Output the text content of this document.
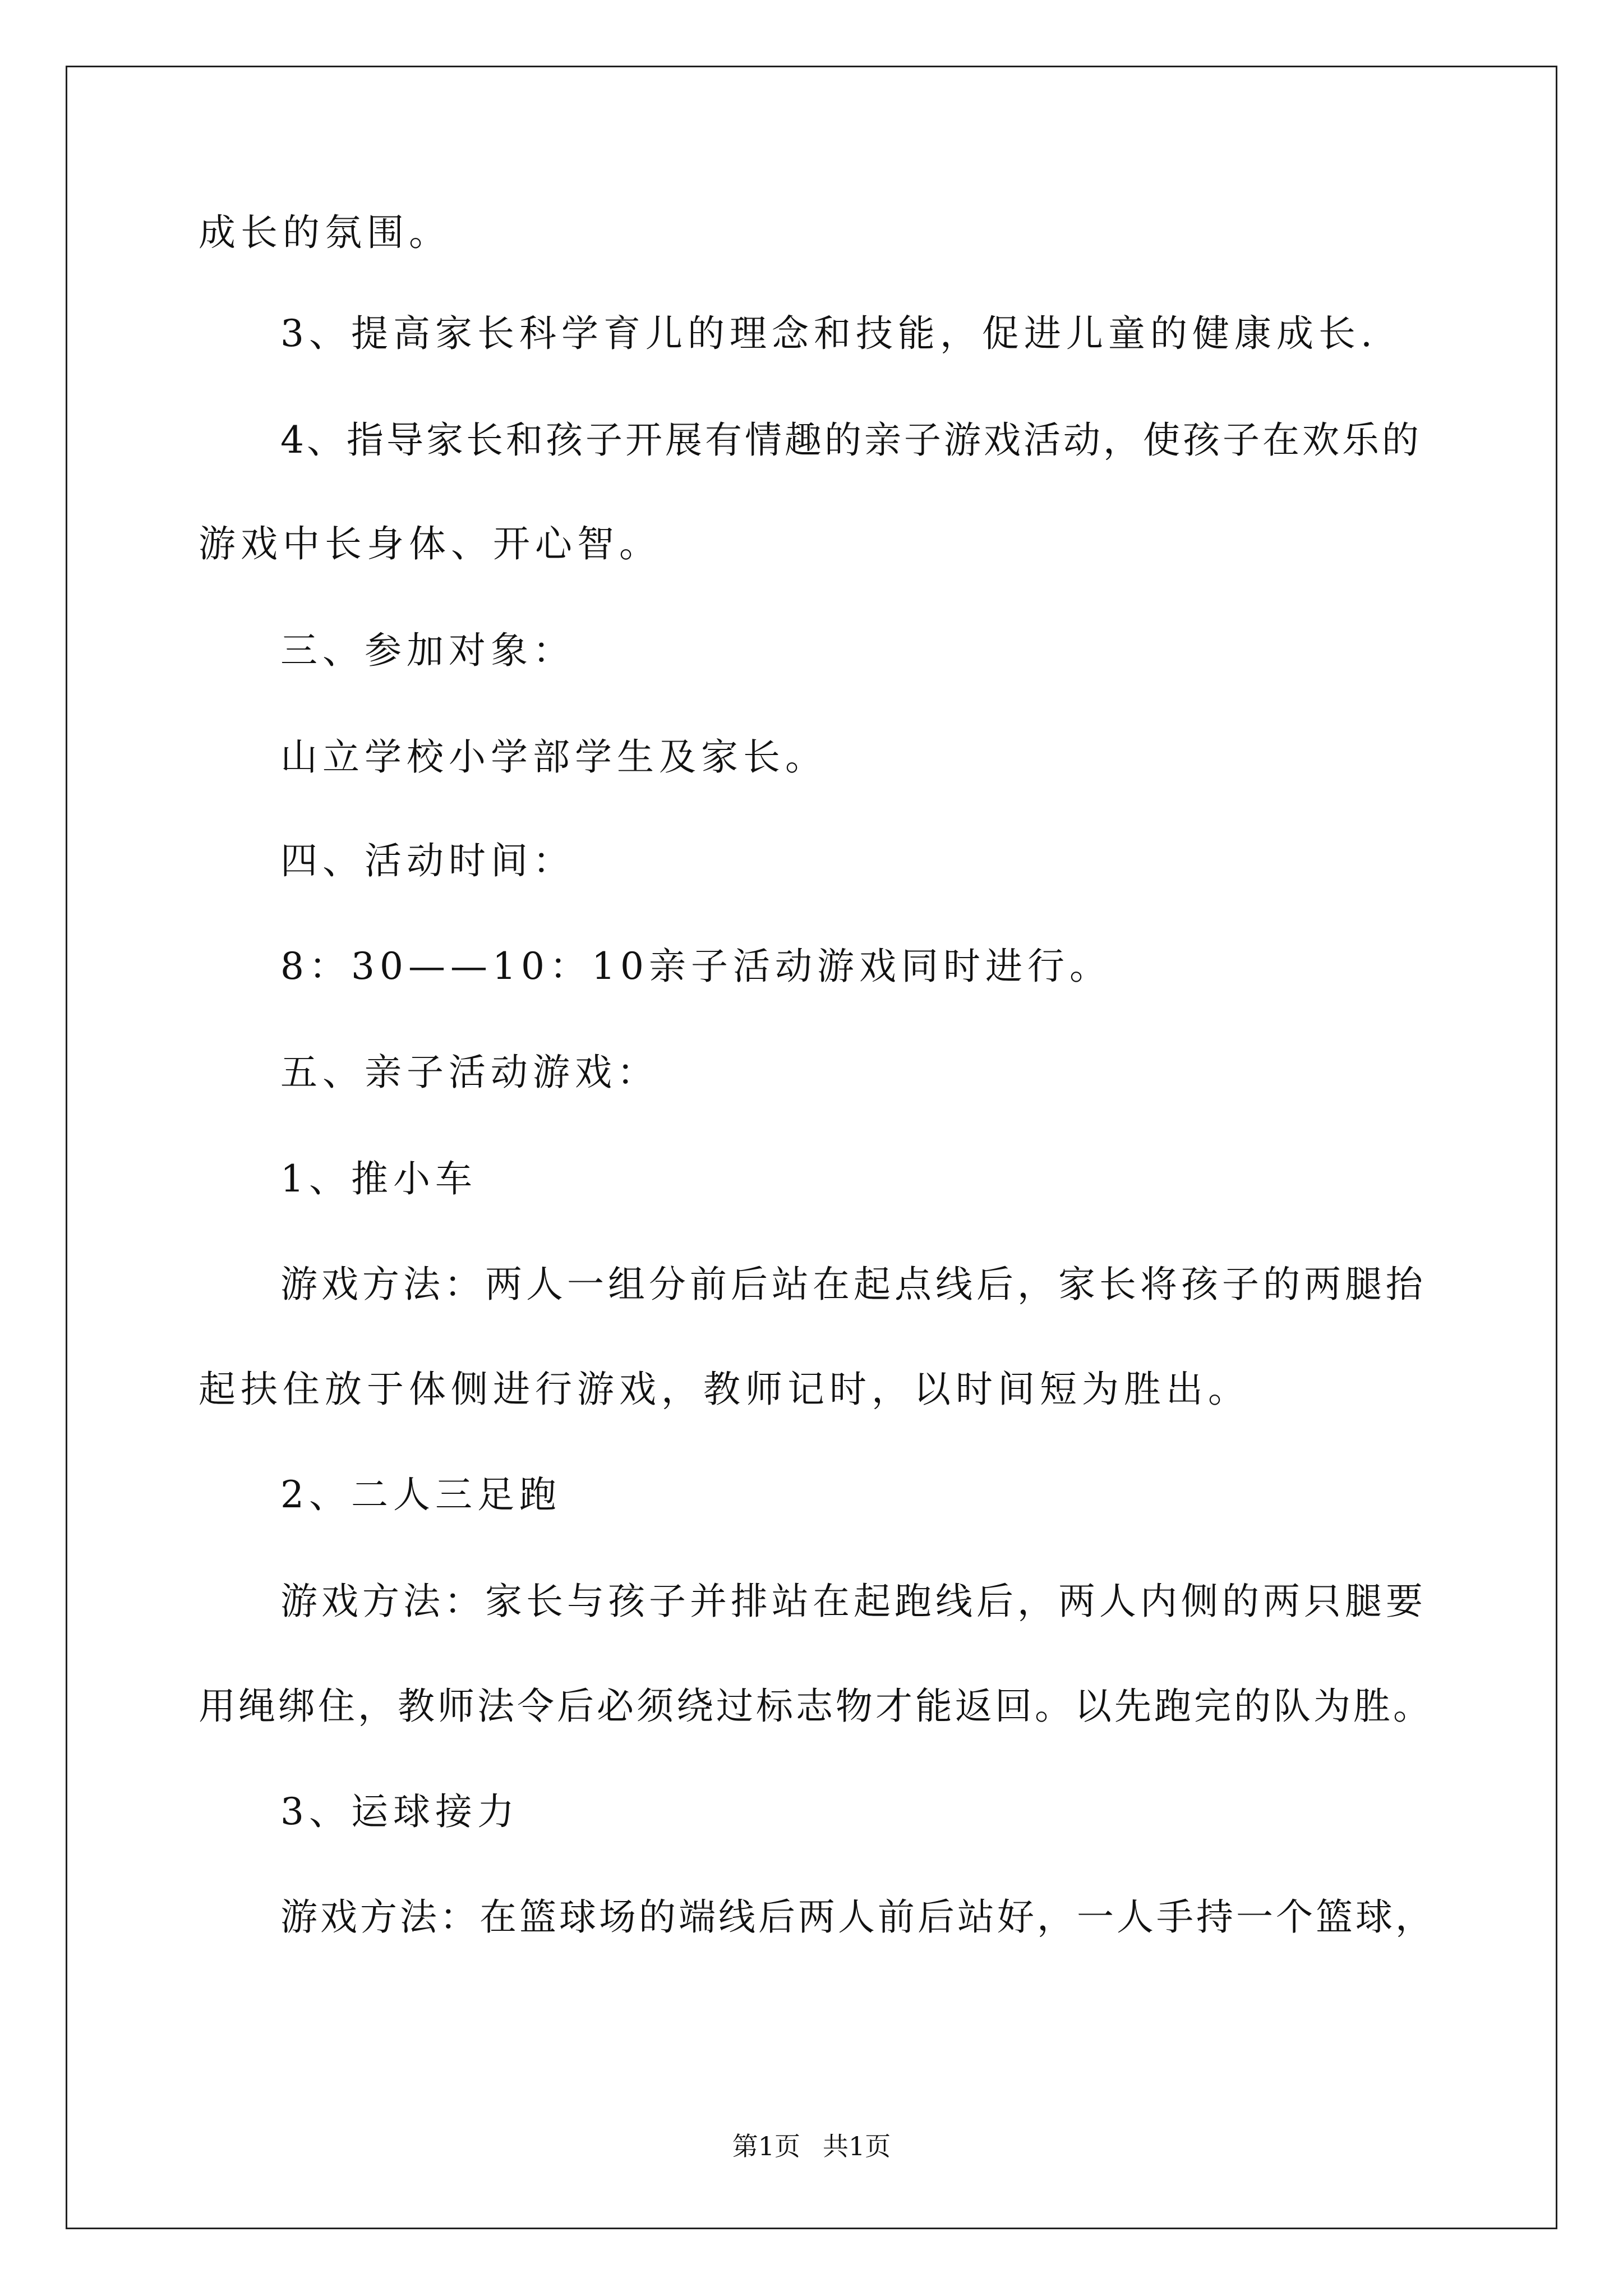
成长的氛围。

3、提高家长科学育儿的理念和技能，促进儿童的健康成长.

4、指导家长和孩子开展有情趣的亲子游戏活动，使孩子在欢乐的

游戏中长身体、开心智。

三、参加对象：

山立学校小学部学生及家长。

四、活动时间：

8：30——10：10亲子活动游戏同时进行。

五、亲子活动游戏：

1、推小车

游戏方法：两人一组分前后站在起点线后，家长将孩子的两腿抬

起扶住放于体侧进行游戏，教师记时，以时间短为胜出。

2、二人三足跑

游戏方法：家长与孩子并排站在起跑线后，两人内侧的两只腿要

用绳绑住，教师法令后必须绕过标志物才能返回。以先跑完的队为胜。

3、运球接力

游戏方法：在篮球场的端线后两人前后站好，一人手持一个篮球，

第1页 共1页
